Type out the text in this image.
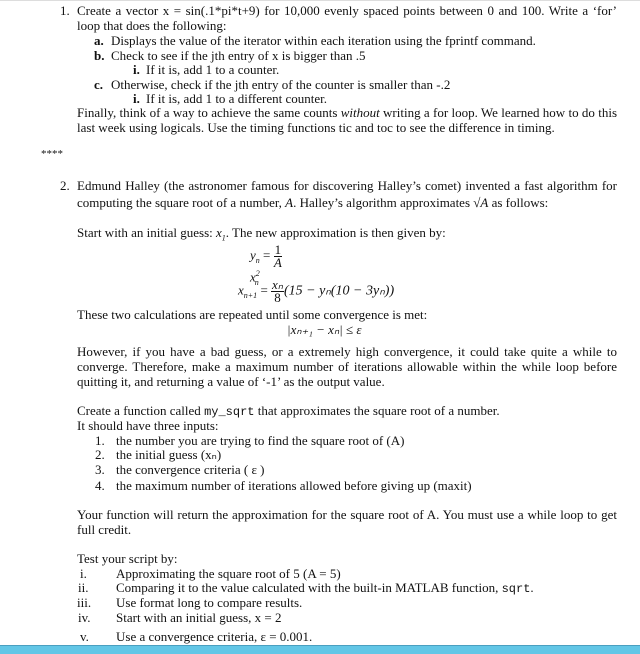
1. Create a vector x = sin(.1*pi*t+9) for 10,000 evenly spaced points between 0 and 100. Write a ‘for’
loop that does the following:
a. Displays the value of the iterator within each iteration using the fprintf command.
b. Check to see if the jth entry of x is bigger than .5
i. If it is, add 1 to a counter.
c. Otherwise, check if the jth entry of the counter is smaller than -.2
i. If it is, add 1 to a different counter.
Finally, think of a way to achieve the same counts without writing a for loop. We learned how to do this
last week using logicals. Use the timing functions tic and toc to see the difference in timing.
****
2. Edmund Halley (the astronomer famous for discovering Halley’s comet) invented a fast algorithm for
computing the square root of a number, A. Halley’s algorithm approximates √A as follows:
Start with an initial guess: $x_1$. The new approximation is then given by:
$y_n = \frac{1}{A}$
$x^2_n$
$x_{n+1} = \frac{\text{xₙ}}{8} (15 - y_n(10 - 3y_n))$
These two calculations are repeated until some convergence is met:
|xₙ₊₁ − xₙ| ≤ ε
However, if you have a bad guess, or a extremely high convergence, it could take quite a while to
converge. Therefore, make a maximum number of iterations allowable within the while loop before
quitting it, and returning a value of ‘-1’ as the output value.
Create a function called my_sqrt that approximates the square root of a number.
It should have three inputs:
1. the number you are trying to find the square root of (A)
2. the initial guess (xₙ)
3. the convergence criteria ( ε )
4. the maximum number of iterations allowed before giving up (maxit)
Your function will return the approximation for the square root of A. You must use a while loop to get
full credit.
Test your script by:
i. Approximating the square root of 5 (A = 5)
ii. Comparing it to the value calculated with the built-in MATLAB function, sqrt.
iii. Use format long to compare results.
iv. Start with an initial guess, x = 2
v. Use a convergence criteria, ε = 0.001.
